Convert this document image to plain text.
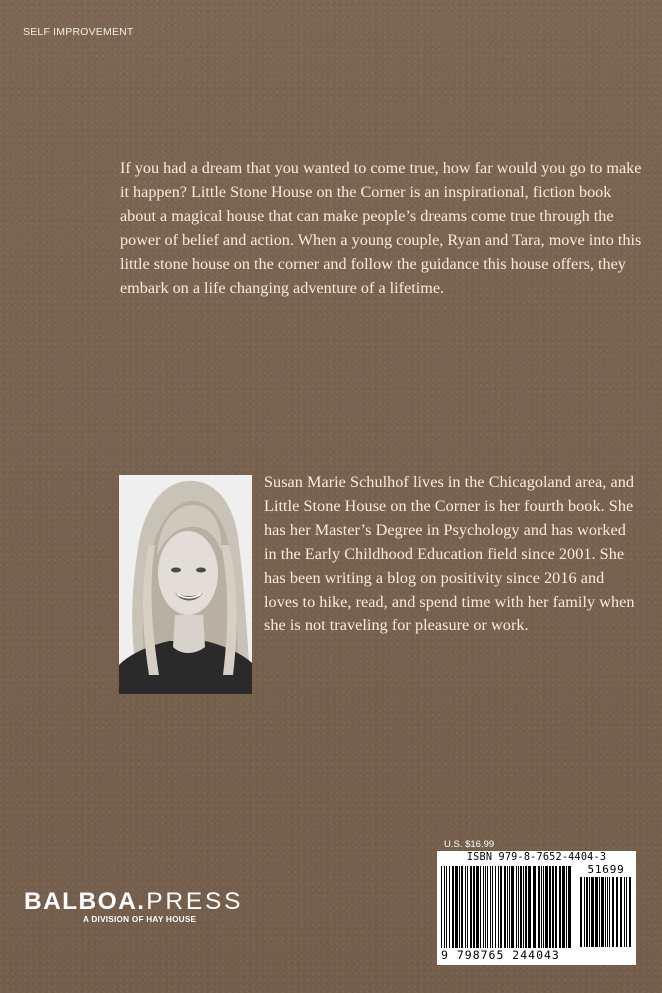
SELF IMPROVEMENT

If you had a dream that you wanted to come true, how far would you go to make it happen? Little Stone House on the Corner is an inspirational, fiction book about a magical house that can make people’s dreams come true through the power of belief and action. When a young couple, Ryan and Tara, move into this little stone house on the corner and follow the guidance this house offers, they embark on a life changing adventure of a lifetime.

Susan Marie Schulhof lives in the Chicagoland area, and Little Stone House on the Corner is her fourth book. She has her Master’s Degree in Psychology and has worked in the Early Childhood Education field since 2001. She has been writing a blog on positivity since 2016 and loves to hike, read, and spend time with her family when she is not traveling for pleasure or work.

BALBOA.PRESS
A DIVISION OF HAY HOUSE
U.S. $16.99
ISBN 979-8-7652-4404-3
51699
9 798765 244043
